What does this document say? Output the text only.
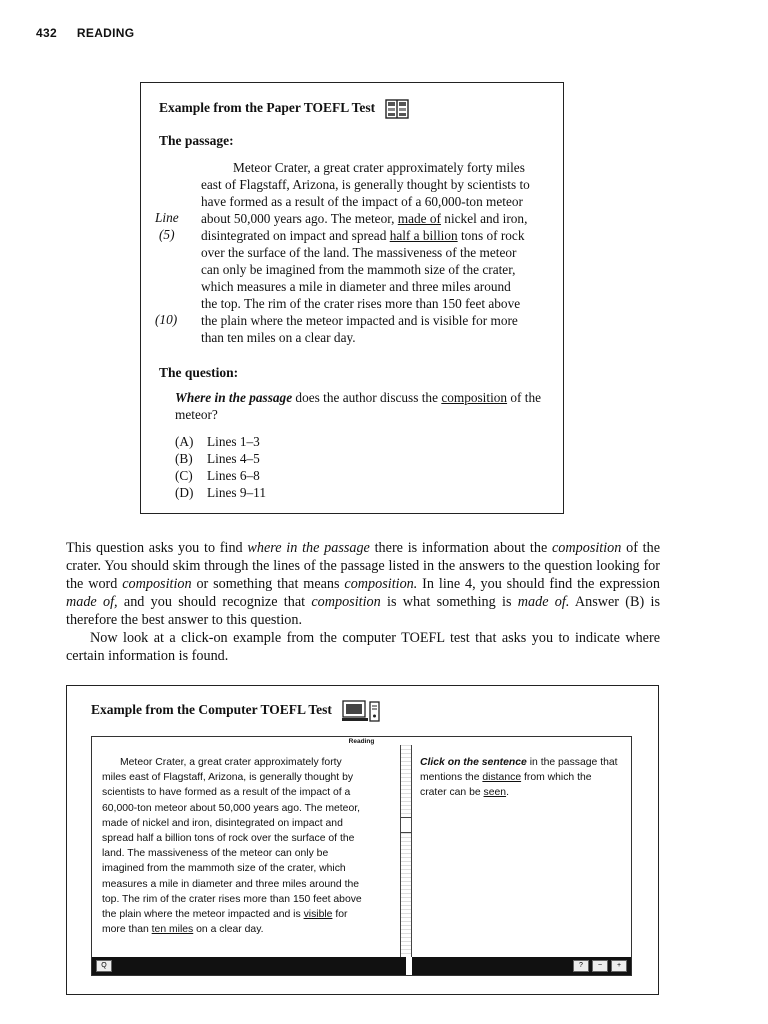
432 READING
Example from the Paper TOEFL Test
The passage:
Line
(5)
(10)
Meteor Crater, a great crater approximately forty miles
east of Flagstaff, Arizona, is generally thought by scientists to
have formed as a result of the impact of a 60,000-ton meteor
about 50,000 years ago. The meteor, made of nickel and iron,
disintegrated on impact and spread half a billion tons of rock
over the surface of the land. The massiveness of the meteor
can only be imagined from the mammoth size of the crater,
which measures a mile in diameter and three miles around
the top. The rim of the crater rises more than 150 feet above
the plain where the meteor impacted and is visible for more
than ten miles on a clear day.
The question:
Where in the passage does the author discuss the composition of the meteor?
(A) Lines 1–3
(B) Lines 4–5
(C) Lines 6–8
(D) Lines 9–11

This question asks you to find where in the passage there is information about the composition of the crater. You should skim through the lines of the passage listed in the answers to the question looking for the word composition or something that means composition. In line 4, you should find the expression made of, and you should recognize that composition is what something is made of. Answer (B) is therefore the best answer to this question.

Now look at a click-on example from the computer TOEFL test that asks you to indicate where certain information is found.

Example from the Computer TOEFL Test
Reading
Meteor Crater, a great crater approximately forty
miles east of Flagstaff, Arizona, is generally thought by
scientists to have formed as a result of the impact of a
60,000-ton meteor about 50,000 years ago. The meteor,
made of nickel and iron, disintegrated on impact and
spread half a billion tons of rock over the surface of the
land. The massiveness of the meteor can only be
imagined from the mammoth size of the crater, which
measures a mile in diameter and three miles around the
top. The rim of the crater rises more than 150 feet above
the plain where the meteor impacted and is visible for
more than ten miles on a clear day.
Click on the sentence in the passage that mentions the distance from which the crater can be seen.
Q	?	~	+
